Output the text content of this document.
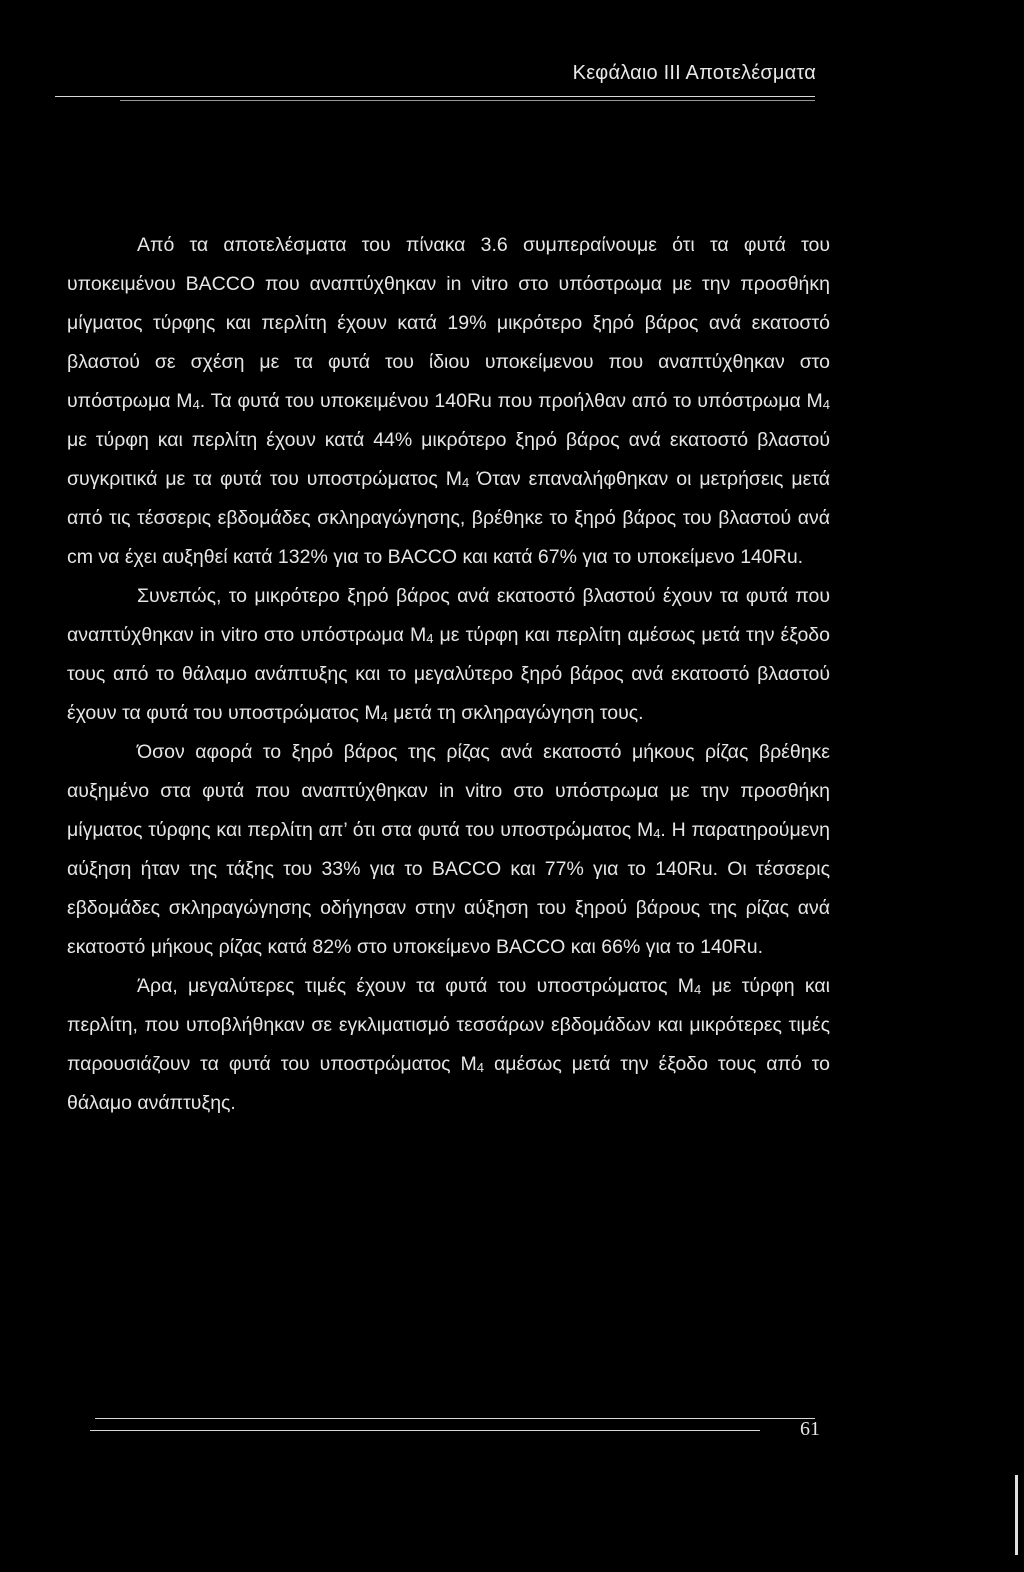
Κεφάλαιο ΙΙΙ Αποτελέσματα

Από τα αποτελέσματα του πίνακα 3.6 συμπεραίνουμε ότι τα φυτά του υποκειμένου BACCO που αναπτύχθηκαν in vitro στο υπόστρωμα με την προσθήκη μίγματος τύρφης και περλίτη έχουν κατά 19% μικρότερο ξηρό βάρος ανά εκατοστό βλαστού σε σχέση με τα φυτά του ίδιου υποκείμενου που αναπτύχθηκαν στο υπόστρωμα $M_4$. Τα φυτά του υποκειμένου 140Ru που προήλθαν από το υπόστρωμα $M_4$ με τύρφη και περλίτη έχουν κατά 44% μικρότερο ξηρό βάρος ανά εκατοστό βλαστού συγκριτικά με τα φυτά του υποστρώματος $M_4$ Όταν επαναλήφθηκαν οι μετρήσεις μετά από τις τέσσερις εβδομάδες σκληραγώγησης, βρέθηκε το ξηρό βάρος του βλαστού ανά cm να έχει αυξηθεί κατά 132% για το BACCO και κατά 67% για το υποκείμενο 140Ru.

Συνεπώς, το μικρότερο ξηρό βάρος ανά εκατοστό βλαστού έχουν τα φυτά που αναπτύχθηκαν in vitro στο υπόστρωμα $M_4$ με τύρφη και περλίτη αμέσως μετά την έξοδο τους από το θάλαμο ανάπτυξης και το μεγαλύτερο ξηρό βάρος ανά εκατοστό βλαστού έχουν τα φυτά του υποστρώματος $M_4$ μετά τη σκληραγώγηση τους.

Όσον αφορά το ξηρό βάρος της ρίζας ανά εκατοστό μήκους ρίζας βρέθηκε αυξημένο στα φυτά που αναπτύχθηκαν in vitro στο υπόστρωμα με την προσθήκη μίγματος τύρφης και περλίτη απ’ ότι στα φυτά του υποστρώματος $M_4$. Η παρατηρούμενη αύξηση ήταν της τάξης του 33% για το BACCO και 77% για το 140Ru. Οι τέσσερις εβδομάδες σκληραγώγησης οδήγησαν στην αύξηση του ξηρού βάρους της ρίζας ανά εκατοστό μήκους ρίζας κατά 82% στο υποκείμενο BACCO και 66% για το 140Ru.

Άρα, μεγαλύτερες τιμές έχουν τα φυτά του υποστρώματος $M_4$ με τύρφη και περλίτη, που υποβλήθηκαν σε εγκλιματισμό τεσσάρων εβδομάδων και μικρότερες τιμές παρουσιάζουν τα φυτά του υποστρώματος $M_4$ αμέσως μετά την έξοδο τους από το θάλαμο ανάπτυξης.

61
